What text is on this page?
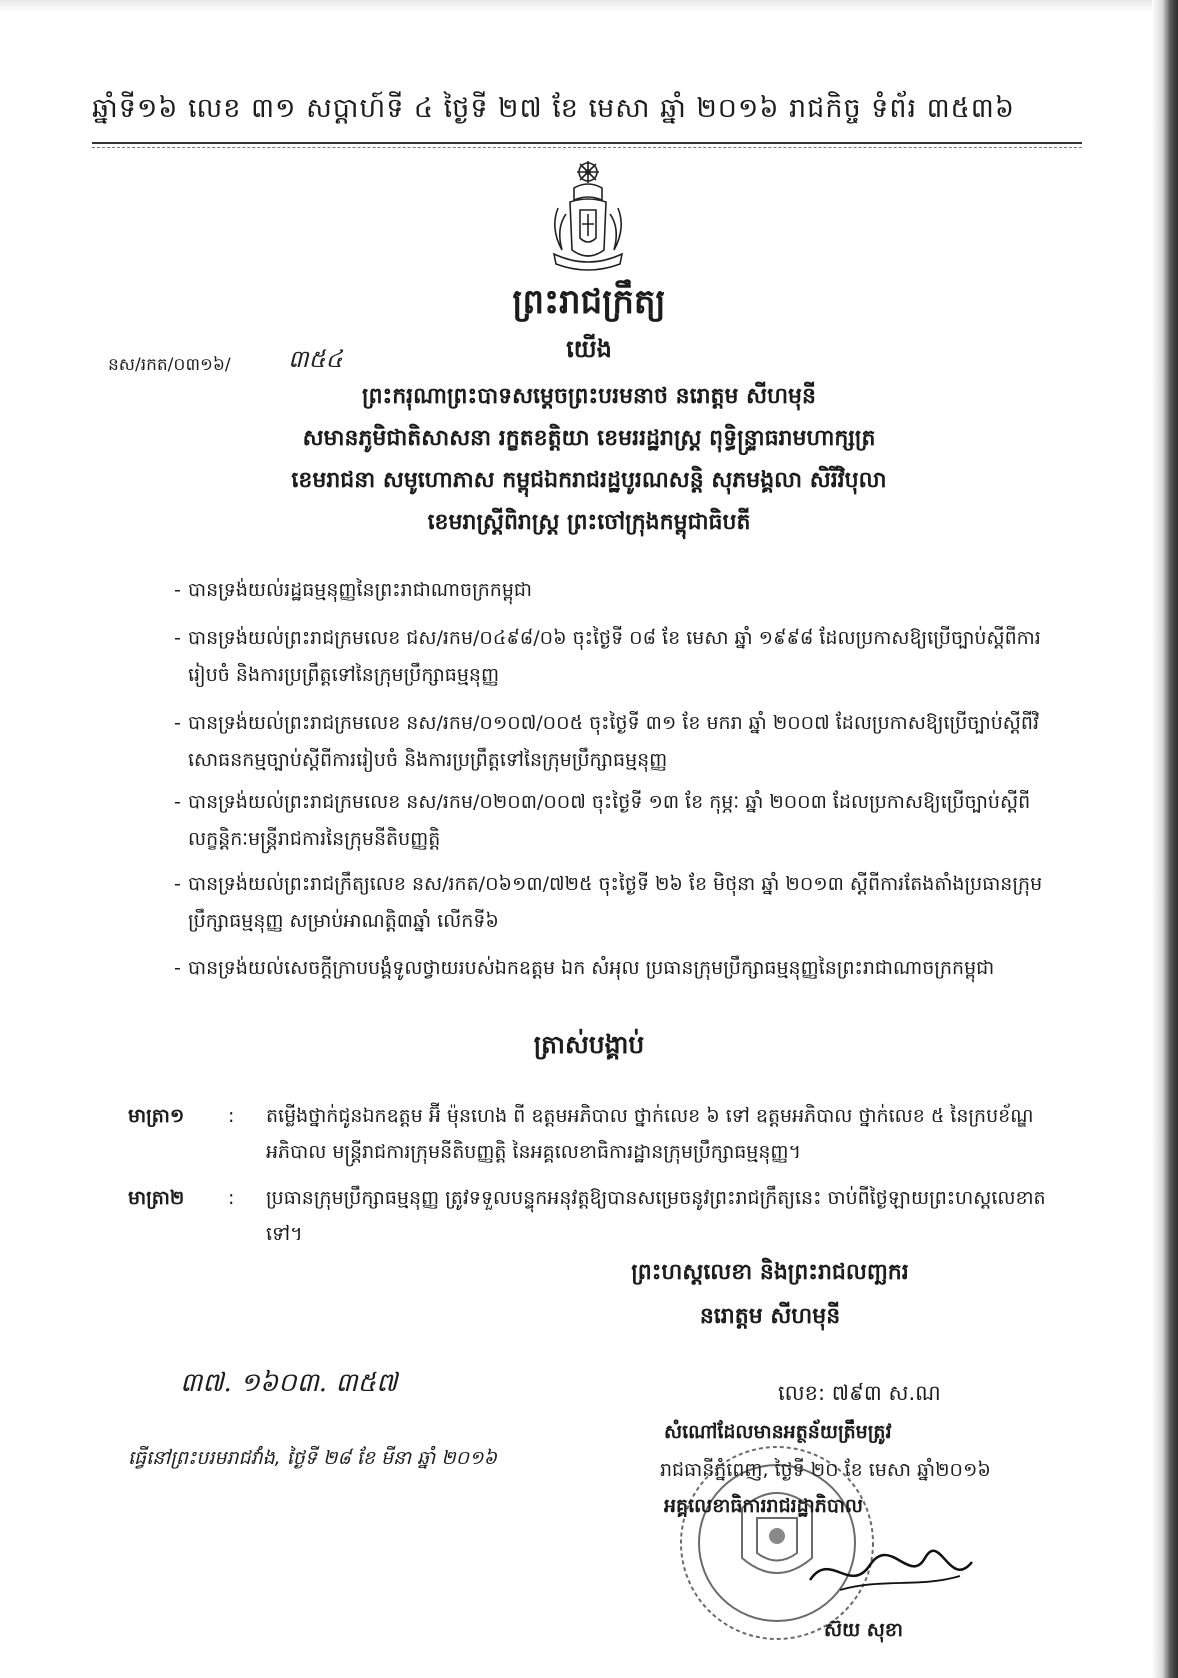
ឆ្នាំទី១៦ លេខ ៣១ សប្តាហ៍ទី ៤ ថ្ងៃទី ២៧ ខែ មេសា ឆ្នាំ ២០១៦ រាជកិច្ច ទំព័រ ៣៥៣៦
ព្រះរាជក្រឹត្យ
នស/រកត/០៣១៦/ ៣៥៤	យើង
ព្រះករុណាព្រះបាទសម្តេចព្រះបរមនាថ នរោត្តម សីហមុនី
សមានភូមិជាតិសាសនា រក្ខតខត្តិយា ខេមររដ្ឋរាស្ត្រ ពុទ្ធិន្ទ្រាធរាមហាក្សត្រ
ខេមរាជនា សមូហោភាស កម្ពុជឯករាជរដ្ឋបូរណសន្តិ សុភមង្គលា សិរីវិបុលា
ខេមរាស្ត្រីពិរាស្ត្រ ព្រះចៅក្រុងកម្ពុជាធិបតី
- បានទ្រង់យល់រដ្ឋធម្មនុញ្ញនៃព្រះរាជាណាចក្រកម្ពុជា
- បានទ្រង់យល់ព្រះរាជក្រមលេខ ជស/រកម/០៤៩៨/០៦ ចុះថ្ងៃទី ០៨ ខែ មេសា ឆ្នាំ ១៩៩៨ ដែលប្រកាសឱ្យប្រើច្បាប់ស្តីពីការរៀបចំ និងការប្រព្រឹត្តទៅនៃក្រុមប្រឹក្សាធម្មនុញ្ញ
- បានទ្រង់យល់ព្រះរាជក្រមលេខ នស/រកម/០១០៧/០០៥ ចុះថ្ងៃទី ៣១ ខែ មករា ឆ្នាំ ២០០៧ ដែលប្រកាសឱ្យប្រើច្បាប់ស្តីពីវិសោធនកម្មច្បាប់ស្តីពីការរៀបចំ និងការប្រព្រឹត្តទៅនៃក្រុមប្រឹក្សាធម្មនុញ្ញ
- បានទ្រង់យល់ព្រះរាជក្រមលេខ នស/រកម/០២០៣/០០៧ ចុះថ្ងៃទី ១៣ ខែ កុម្ភៈ ឆ្នាំ ២០០៣ ដែលប្រកាសឱ្យប្រើច្បាប់ស្តីពីលក្ខន្តិកៈមន្ត្រីរាជការនៃក្រុមនីតិបញ្ញត្តិ
- បានទ្រង់យល់ព្រះរាជក្រឹត្យលេខ នស/រកត/០៦១៣/៧២៥ ចុះថ្ងៃទី ២៦ ខែ មិថុនា ឆ្នាំ ២០១៣ ស្តីពីការតែងតាំងប្រធានក្រុមប្រឹក្សាធម្មនុញ្ញ សម្រាប់អាណត្តិ៣ឆ្នាំ លើកទី៦
- បានទ្រង់យល់សេចក្តីក្រាបបង្គំទូលថ្វាយរបស់ឯកឧត្តម ឯក សំអុល ប្រធានក្រុមប្រឹក្សាធម្មនុញ្ញនៃព្រះរាជាណាចក្រកម្ពុជា
ត្រាស់បង្គាប់
មាត្រា១	: តម្លើងថ្នាក់ជូនឯកឧត្តម អ៊ី ម៉ុនហេង ពី ឧត្តមអភិបាល ថ្នាក់លេខ ៦ ទៅ ឧត្តមអភិបាល ថ្នាក់លេខ ៥ នៃក្របខ័ណ្ឌ អភិបាល មន្ត្រីរាជការក្រុមនីតិបញ្ញត្តិ នៃអគ្គលេខាធិការដ្ឋានក្រុមប្រឹក្សាធម្មនុញ្ញ។
មាត្រា២	: ប្រធានក្រុមប្រឹក្សាធម្មនុញ្ញ ត្រូវទទួលបន្ទុកអនុវត្តឱ្យបានសម្រេចនូវព្រះរាជក្រឹត្យនេះ ចាប់ពីថ្ងៃឡាយព្រះហស្តលេខាតទៅ។
ព្រះហស្តលេខា និងព្រះរាជលញ្ឆករ
នរោត្តម សីហមុនី
៣៧. ១៦០៣. ៣៥៧
ធ្វើនៅព្រះបរមរាជវាំង, ថ្ងៃទី ២៨ ខែ មីនា ឆ្នាំ ២០១៦
លេខ: ៧៩៣ ស.ណ
សំណៅដែលមានអត្ថន័យត្រឹមត្រូវ
រាជធានីភ្នំពេញ, ថ្ងៃទី ២០ ខែ មេសា ឆ្នាំ២០១៦
អគ្គលេខាធិការរាជរដ្ឋាភិបាល
ស៊យ សុខា
